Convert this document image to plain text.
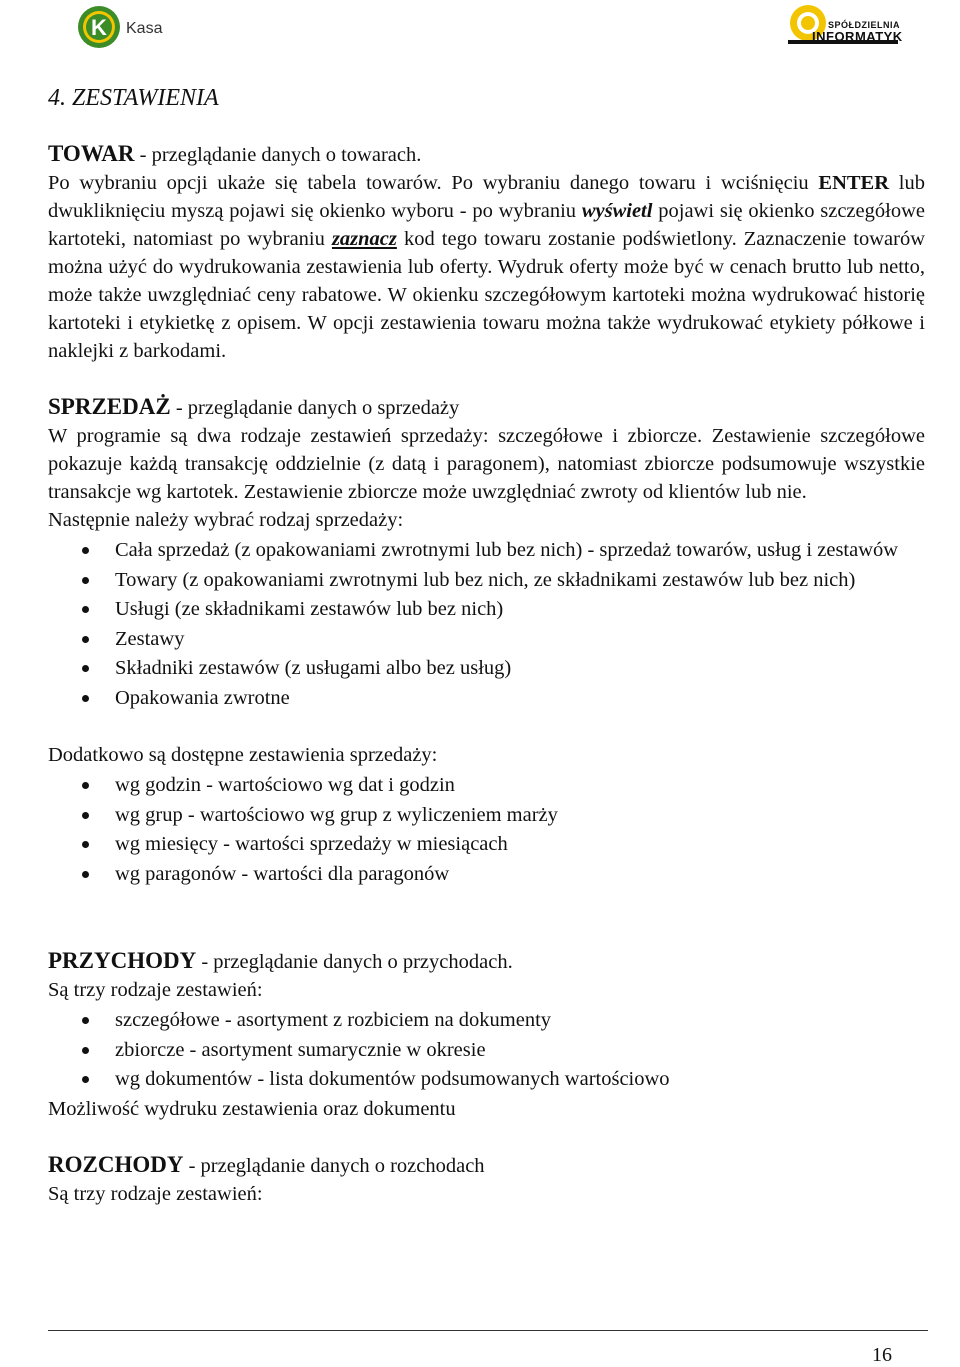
K Kasa	SPÓŁDZIELNIA
INFORMATYK
4. ZESTAWIENIA

TOWAR - przeglądanie danych o towarach.

Po wybraniu opcji ukaże się tabela towarów. Po wybraniu danego towaru i wciśnięciu ENTER lub dwukliknięciu myszą pojawi się okienko wyboru - po wybraniu wyświetl pojawi się okienko szczegółowe kartoteki, natomiast po wybraniu zaznacz kod tego towaru zostanie podświetlony. Zaznaczenie towarów można użyć do wydrukowania zestawienia lub oferty. Wydruk oferty może być w cenach brutto lub netto, może także uwzględniać ceny rabatowe. W okienku szczegółowym kartoteki można wydrukować historię kartoteki i etykietkę z opisem. W opcji zestawienia towaru można także wydrukować etykiety półkowe i naklejki z barkodami.

SPRZEDAŻ - przeglądanie danych o sprzedaży

W programie są dwa rodzaje zestawień sprzedaży: szczegółowe i zbiorcze. Zestawienie szczegółowe pokazuje każdą transakcję oddzielnie (z datą i paragonem), natomiast zbiorcze podsumowuje wszystkie transakcje wg kartotek. Zestawienie zbiorcze może uwzględniać zwroty od klientów lub nie.

Następnie należy wybrać rodzaj sprzedaży:

Cała sprzedaż (z opakowaniami zwrotnymi lub bez nich) - sprzedaż towarów, usług i zestawów
Towary (z opakowaniami zwrotnymi lub bez nich, ze składnikami zestawów lub bez nich)
Usługi (ze składnikami zestawów lub bez nich)
Zestawy
Składniki zestawów (z usługami albo bez usług)
Opakowania zwrotne

Dodatkowo są dostępne zestawienia sprzedaży:

wg godzin - wartościowo wg dat i godzin
wg grup - wartościowo wg grup z wyliczeniem marży
wg miesięcy - wartości sprzedaży w miesiącach
wg paragonów - wartości dla paragonów

PRZYCHODY - przeglądanie danych o przychodach.

Są trzy rodzaje zestawień:

szczegółowe - asortyment z rozbiciem na dokumenty
zbiorcze - asortyment sumarycznie w okresie
wg dokumentów - lista dokumentów podsumowanych wartościowo

Możliwość wydruku zestawienia oraz dokumentu

ROZCHODY - przeglądanie danych o rozchodach

Są trzy rodzaje zestawień:

16
